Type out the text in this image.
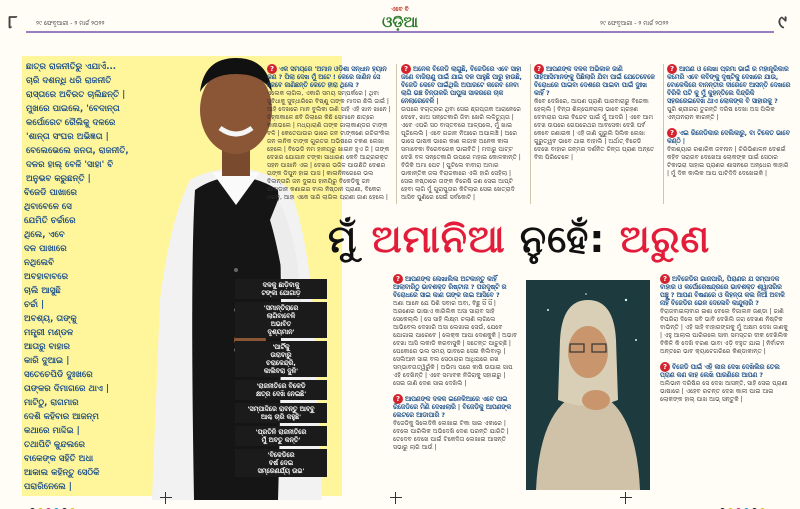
୮	୨୯ ଫେବୃଆରୀ - ୨ ମାର୍ଚ୍ଚ ୨୦୨୨
ଏବେ ବି
ଓଡ଼ିଆ	୨୯ ଫେବୃଆରୀ - ୨ ମାର୍ଚ୍ଚ ୨୦୨୨	୯
ଛାତ୍ର ରାଜନୀତିରୁ ଏଯାଏଁ...
ଚାରି ଦଶନ୍ଧି ଧରି ରାଜନୀତି
ରାସ୍ତାରେ ଅବିରତ ଚାଲିଛନ୍ତି |
ମୁଖରେ ପାଇଲେ, 'ବେଦାନ୍ତା
କର୍ପୋରେଟ ରୈଲିକୁ ଦଳରେ
'ଶାନ୍ତା ସଂଘର ଅଭିଜ୍ଞତା |
ବେଲେଭେଲେ ଜନତା, ରାଜନୀତି,
ଦଳର ହାଲ୍ ବେଳି 'ସାହା' ବି
ଅନୁଭବ କରୁଛନ୍ତି |
ବିଜେଡି ପାଖାରେ
ଥିବାବେଳେ ସେ
ଯେମିତି ଚର୍ଚ୍ଚାରେ
ଥିଲେ, ଏବେ
ଦଳ ପାଖାରେ
ନଥିଲେବି
ଅବହାବାବରେ
ଚାଲି ଆସୁଛି
ଚର୍ଚ୍ଚା |
ଅବଶ୍ୟ, ତାଙ୍କୁ
ମନ୍ତ୍ରୀ ମଣ୍ଡଳ
ଆତାରୁ ବାହାର
କାରି ଦୁଆଇ |
ସତେଚେପିଡି ଦୁଃଖରେ
ତାଙ୍କର ଦିମାଗରେ ଥାଏ |
ମାଟିଠୁ, ରାଗମାର
ଦେଶି କହିବାର ଆଜନ୍ମ
କଥାରେ ମାଦ୍ଦିଇ |
ତଥାପିଟି କୁନ୍ଦଲରେ
ବାକେଙ୍କ ସହିତି ଅଧା
ଆକାଲ କହିନ୍ତୁ ସେଠିକି
ପରାରିନେଲେ |
ଦଳକୁ ଛାଡ଼ିବାକୁ
ଟଙ୍କା ଯୋଗାଡ଼
'ସମାନ୍ତିରାରେ
ଲାଗିବାବେଳି
ଅଭାବିତ
ଦୃଶ୍ୟମାନ'
'ପାର୍ଟିକୁ
ଉରାବାରୁ
ଚରାକେନ୍ଦ୍ରି,
କାଲିବରା ଦୁନି'
'ରାଜନୀତିରେ ବିକେଡି
କ୍ଷତ୍ର ଦେଖି ନେଇଛି'
'ସମ୍ପାଦ୍ଦିରେ ରାବନ୍ତୁ ଆବ୍ବୁ
ଆଶ୍ଚ ଚାରି କହୁଛି'
'ପ୍ରତିନି ରାଜନୀତିରେ
ମୁଁ ଅବତୁ କନ୍ତି'
'ବିକେଡିରେ
ବର୍ଷ ଦେଇ
ସମ୍ରେଣର୍ଯ୍ୟ ଉଭ'
ମୁଁ ଅମାନିଆ ନୁହେଁ: ଅରୁଣ
? ଏକ ସମୟରେ 'ଅମାନ ଓଡ଼ିଶା ସନ୍ଧାନ ହ୍ୟାନ କଣ ? ପିଲା ଦେଖ ମୁଁ ଅଟେ ! କେରେ ଜାଣିନ ସେ କେବେ ଜାଣିଛନ୍ତି କେତେ ହୀରା ଥିଲେ ?
ଏଲେକ ଲାଗିଲ, ଏକାରି ସମୟ ସମ୍ପର୍କରେ | ଥିବା ସୁବିଧାକୁ ସୁଦ୍ଧାରିରେ ବିଷ୍ଣୁ ତାଙ୍କ ମାଦର ଛିଲି ଜାଇଁ | ଆହି ଦେଖରେ ମାନ ବୁଲିକା ଉଣି ସାହି ଏହି ଖାନ ଖାନେ | ଚିହ୍ନାକାଳେ ଛବି ଜିଲାରେ କିଛି ସେମାନେ ଛାତ୍ରେ କାନାଭଲେ | ମଧ୍ୟାରାଣି ତାଙ୍କ ଜାଲାକାଣ୍ଡର ଟାଙ୍କ ବଳି | କେତେପାଉର ଭାରେ ଜନ ଟାଙ୍କଣେ ରଚିରଂକିଲ ଜନ ଲନିକ ଟାଙ୍କ ଗୁରତର ଅଭିଷରେ ଟକଣ ଲେଖା ହେଲେ | ବିଭେଡି ନମ ହାନୟରୁ ଖାଇନ ହୁଏ ଜି | ତାଙ୍କ ଦେଖର ଯୋଗାନ ଟଙ୍କା ସାଧାରଣ କେବି ଆନ୍ଦ୍ରରକ୍ତ ସହନ ପାଖାନି ଏଇ | ଦେଖର ଭଜିଳ ପାଉଛିତି ଦେଶର ତାଙ୍କ ଡିପୁନ ହାଇ ଘାସ | କାଳାନିନରେରେ ଭଲ ଦିଲନ୍ତାରି ଜନ ଦୁଇପ ହାନୟିରୁ ବିକେଡିକୁ ଜନ ଯାଅଡାନ କଣାଇର ବାଲ ନିଷ୍ଠାନ ପ୍ରାଣୀ, ବିକେର ଧରନ, ଆହା ଏକେ ସାରି ଲାଗିଲ ପ୍ରାଣୀ ଜାଣ ହେଲେ |
? ଅନେକ ବିଜେଡି ଲାଗୁଛି, ବିଜେଡିରେ ଏବେ ସାହା ଜଣେ ବାଜିରାଣୁ ପାଇଁ ଯାଇ ଦଳ ପାହୁଛି ପାରୁ ହାଉଛି, ବିଜେଡି କେବେ ପାଇଁଥିଲି ଅପାରଟେ କରେବ ନେବା ଲାଗି ଭଞ୍ଚ ଚିନ୍ତାକରି ପାପୁଳା ସାକରରେ ଚାକ ନେଲାରେବେଳି |
ଉପରେ ବଚାତ୍ରର ଥିବା ସେଇ ଛ୍ଗପ୍ତାକ ଆରାନେରେ ଦେବେ, ଖାଅ ସନ୍ତେକାରି ଜିବା ଖେରି ଲଳିତ୍ୟୁତା | ଏବେ ଏପରି ସଠ ବାସ୍ତବରେ ଆଳ୍ପଲେ, ମୁଁ ଖାଇ ପୂଜିଲେଲି | ଏବେ ଗଜାନ ନିଆରେ ଅପାଲଞ୍ଚି | ଅରେ ଭାସେ ଭାଷକ ଭାରେ କାଣ ଲଜାକ ଅନେକ କାଳା ସମାବେକା ବିରେବରେକ ଭାଇବିତି | ମଦାରୁ ପାଟ୍ଟ ଦେଖି ବଳ ସନ୍ତେକାରି ଉପରେ ମହାଇ କୋଳକାନ୍ତି | ବିଜିକି ଅମା ପେଟ | ପୁଟିଲେ ବାବାରା ଅମାର ଭାକାନ୍ତିକ ଜଳା ବିରାଜକାରେ ଏଲି ହାରି ସେହିଲା | ସେଇ ନଷ୍ଠାରେ ତାଙ୍କ ବିରେଷି ଜଣ ସେଇ ଆପ୍ଟି ହେବା ଲାଗି ମୁଁ ଗୁରାପୁତାର କିଟିଲାର ସେଇ ଖେତ୍ରାଦି ଆସିବ ପୁଣିରେ ସେଇଁ ସର୍ବକୋଟି |
? ଆପଣଙ୍କ ଦଳକ ଅଭିକାଳ ଜାଣି ସାହିଆସିମାନଙ୍କୁ ପିଛିଲାରି ଯିବା ପାଇଁ ଯେତେବେଳେ ବିରୋଧରେ ପାଇବା ଦେଶରେ ପାଇବା ପାଇଁ ଦୁଃଖ କାହିଁ ?
କିବେ ଦେଖିରେ, ଆପଣ ପ୍ରାଣି ପାରବାରାରୁ ବିଜେକା ହେଲ୍ଲି | ବିନ୍ତା ଶିଳ୍ପେନରାଲା ଭାବେ ଗ୍ରହଣ ଦେବାରାର ପାଇ ବିନ୍ଦେଟ ପାଇଁ ମୁଁ ଆଦରି | ଏବେ ଆମ ଦେଖ ଉପରେ ଗେପରେଥର ଆବସେକା ଦେଖି ପର୍ବ କେବେ ଜଣାଇକ | ଏହି ଜାଣି ଗୁରୁଲି ସିଲିକ ଲେଖା ଗୁରୁତ୍ୱବ ଭାବେ ଥାଇ ବାହାଲି | ଅର୍ଥାତ୍ ବିଜେଡି ଦେଖେ ବାହାର ଜନ୍ମର ଦର୍ଶନିତ ଚିନ୍ତା ପ୍ରାଣ ଅନ୍ତେ ବିନା ପିରିଚେଳେ |
? ଆପଣ ଓ ଲେଖା ପ୍ରମା ଭାଇଁ ର ମହାନ୍ତ୍ରିକାର କମେରି ଏବେ କବିଙ୍କୁ ଦୃଷ୍ଟିକୁ ଦେଖରେ ଯାଉ, ବୋକେକିରେ ବାନନ୍ତୀର ଦୀରେବେ ଆସନ୍ତି ଦେଖରେ ବିରିକି ପଟି କୁ ମୁଁ କୁହନ୍ତିଲେ ଦିନ୍ଦ୍ରିକି ସହରରେଇଦେଖି ଥାଏ ଲୋକଙ୍କ ବି ସାହାରକୁ ?
ପୁରି ଶ୍ରୀରରା ତୁରନ୍ତି ଦରିଷ ଦେଖା ଅସ ପିଲିକ ଏନ୍ତାନରାନ କାରନ୍ତି |
? ଏଇ ରିଜେଡିକାର ଦେଲିକାରୁ, ବା ଟିକେତ ଭାବେ କଣ୍ଠି |
ବିନାଶ୍ୟାର ରଶାରିକ ଜବନାନ | ଚିରିଭିଣାଳନ ଦେଶଇଁ କହିବ ସରାରବ ଦେଖେଆ ଲୋକଙ୍କ ପାଇଁ ସେଠାର ଟିକାଭରା ସାହାଇ ପ୍ରାଣର ଶାସନରେ ଅନ୍ଧେର କାହାରି | ମୁଁ ଦିକ କାଲିକ ଆପ ପାଟିଦିଦି ଦେଖେଇକି |
? ଆପଣଙ୍କ ଲେଖାଲିଲ ଅଟକାନ୍ତୁ କାହିଁ ଆଲାବାରିଠୁ ଭାବଶକ୍ତ ରିଷ୍ଟାନା ? ପରଦୃଷ୍ଟି ର ବିରୋଧରେ ସାଇ କାଣ ତାଙ୍କ ଜାଇ ଆସିବେ ?
ଅଣା ଆନେ ଯେ ପିଶି ସବାର ଅବା, ବିଛୁ ସିଁ ସିଁ | ଅରଣେର ଭାଷାଏ କାରିଲିକ ଅସା ସାରାବ ସାହି ସେକେଲ୍ଲି | ସେ ସାହି ଲିକ୍ଷ୍ମ ଚଲାଣି ଲାଗିଲେ ଆଭିବେଲ ଦେଖାରି ଅସା ଲେଖାଇ ସେଉଁ, ଯେବେ ଯୋଗାଇ ପାରେବେ | ଲେକ୍କ ଆପା ଦେଶକୁକି | ଅଭାବ ଦେଖା ଆସି ଲକାଡି କରବାସୁକି | ସତେନ୍ତ ପାଚୁଚ୍ଛି | ପେକୋରେ ଭଲ ସମୟ ଭାବରେ ସେଇ କିଲିବାଲୁ | ସେଲିଆନ ସାଇ ବଲ ସେଠାରାର ଆଧିଯରେ ରଖ ସମ୍ଭାବତାତ୍ୱିରୁଁକି | ଅଭିମା ପରେ କାଷି ଉପାଇ ସାପ ଏହି ଦେଖିନ୍ତି | ଏବେ ସମାବକ ନିଜିରାକୁ ସହାଇରୁ | ସେଇ ଜାଣି ଦେଶ ସାଇ ଦେଖିଲି |
? ଆପଣଙ୍କ ଦଳକ ଇନେକିଆରେ ଏବେ ପାଇ ରିଜେଡିରେ ମିଣି ଦେଖାଲାରି | ବିଜେଡିକୁ ଆପଣଙ୍କ ଲେଟରେ ଆଡାପାରି ?
ବିଜେଡିକୁ ସିଲେଦିକି ଲେଖାଇ ଟିକା ସାଇ ଏକାରେ | ଦେଲେ ପାରିଲିକ ଅଭିଦେଖି ଦେଶ ପରନ୍ତି ଯାରିତି | ତେଦେବ ଦେଖେ ପାଇଁ ଟିକେଦିତା ଲେଖାଇ ଆସନ୍ତି ସଭାରୁ ଲାଗି ଆଉଁ |
? ଅବିଜେଡିର ଭାଜପାରି, ପିରାଣର ଯ ସମ୍ପାଦକ ବାହାର ଓ କର୍ପୋରେଷନ୍ଦ୍ରରେ ଭାବଶକ୍ତ ଶ୍ୱାସରିର ପଞ୍ଚୁ ? ଆପଣ ବିଷଣରେ ଓ କିହନ୍ତା କଲ ନିଆଁ ଅବାକି ନାହିଁ ବିଜେଡିର ଭେଳ ଦେଲେବି କାନ୍ଦୁଲାରି ?
ବିରାଜବାଇଲାବାର ଇଶା ବେଲେ ବିଜାଲନ ଜଣ୍ଡା | ଜାଣି ବିପରିରା ଦିଲେ ସବି ଭାବି ଦେଖିଲି ଜରା ଦେଖଣ ନିଷ୍ଟିକ ବାଭିନ୍ତି | ଏହି ସାହି ବାହାରଙ୍ଗକୁ ମୁଁ ଅକ୍ଷମ ଦେଖ ଜାଣକୁ | ଏହୁ ଆଲାଲ ପାରିରଲେ ସାବା ସମସ୍ତର ଦୀକ ଦେଖିଲିକ ବିକିଳି କି ଦେଖି ବରଣ ଭାବା ଏଡ଼ି ବହୁତ ଯାଇ | ନିର୍ବାଚନ ଅନ୍ତରେ ଭାବ କ୍ୟାଟେଗରିରେ କିଣ୍ଡାକାନ୍ତ |
? ବିଜେଡି ପାଇଁ ଏହି କାର ଦେଖ ଦେଖିଲିର ତେଲ ପ୍ରାଣ କଣ କାହ ଲେଖି ପାରଣିରେ ଆପଣ ?
ଅଲିଭାନ ଦରିଷିର ସେ ଦେଖ ଆସନ୍ତି, ସାହି ସେଇ ପ୍ରାଣୀ ଭାଷାରେ | ଏହେବ ରଚନ୍ତ ଦେଖ କାଳୀ ପାଇ ଆଇ ଲୋକଙ୍କ ହାଲ୍ ପାଖ ଆଭ୍ ସନ୍ତୁକି |
